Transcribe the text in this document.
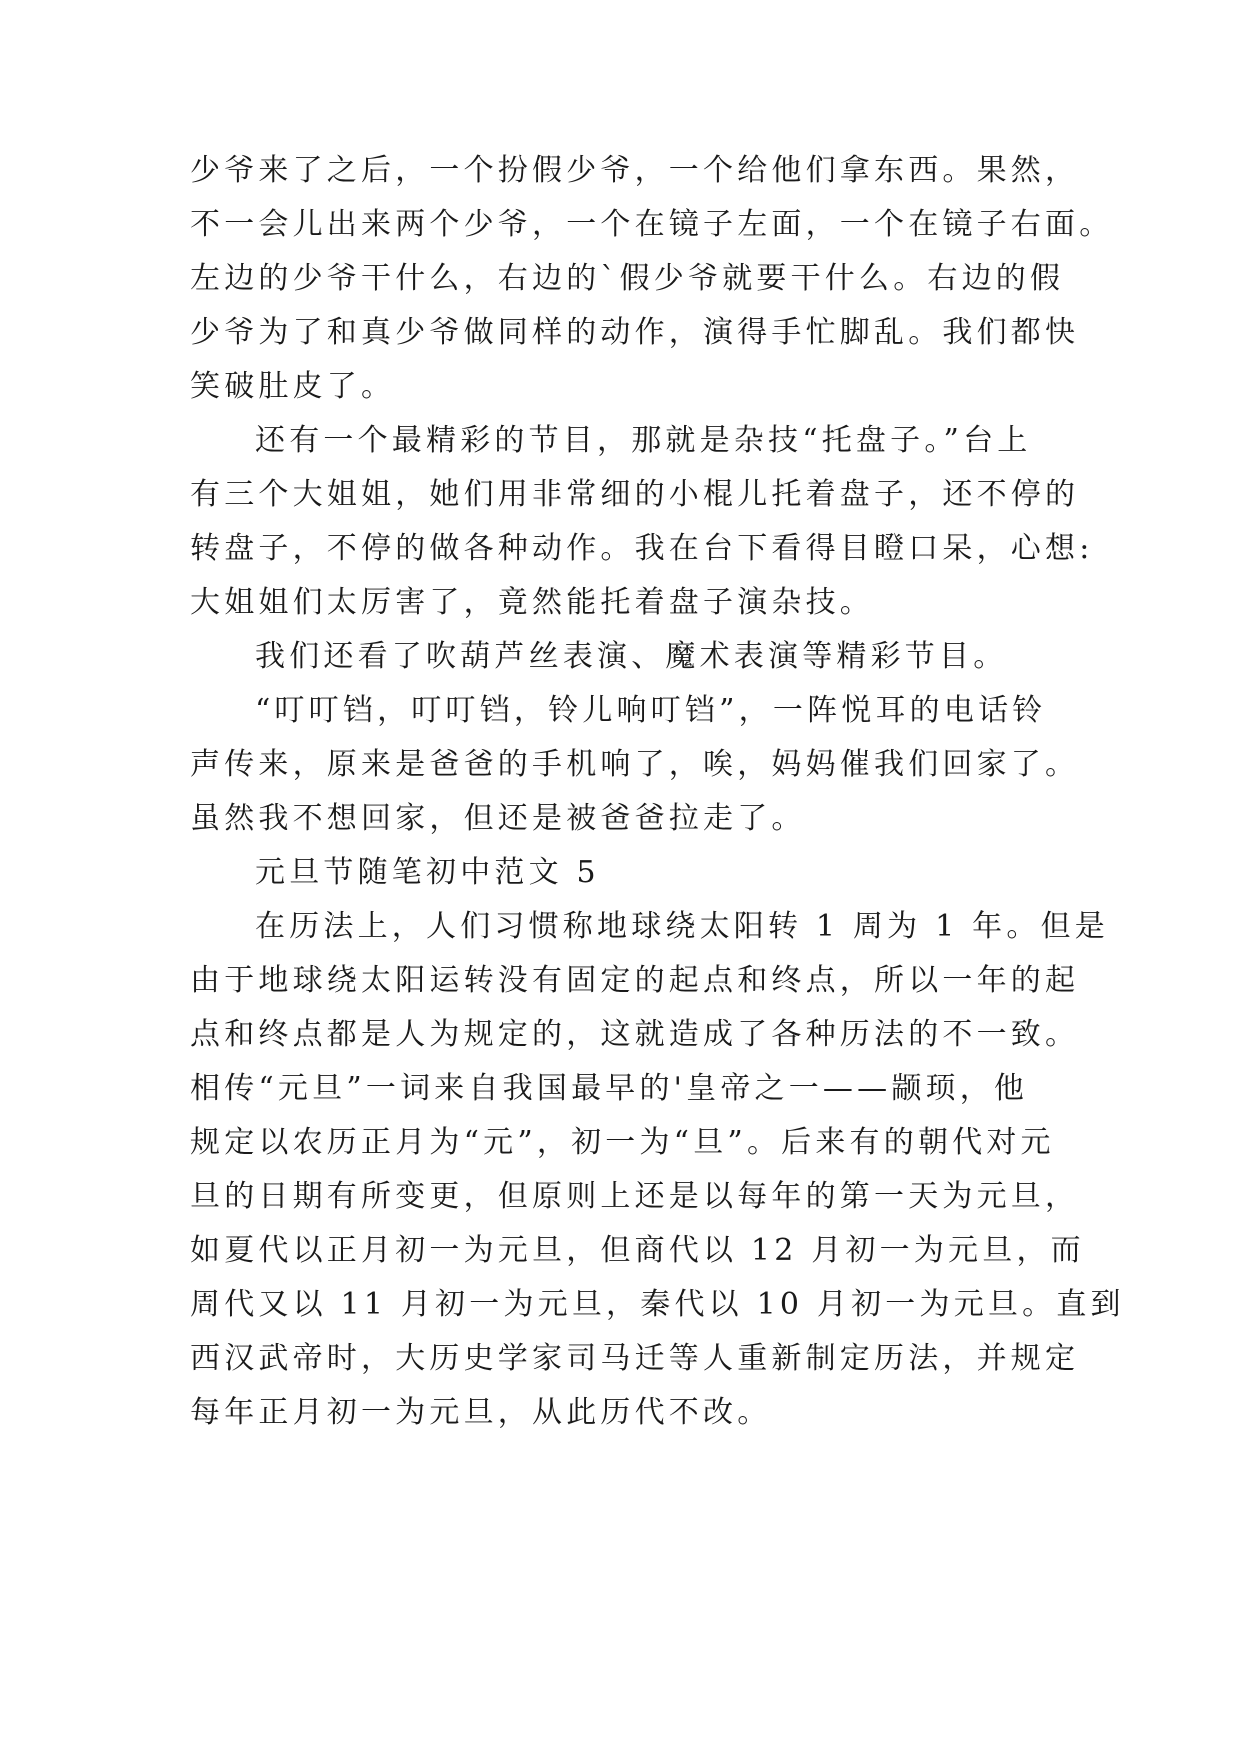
少爷来了之后，一个扮假少爷，一个给他们拿东西。果然，
不一会儿出来两个少爷，一个在镜子左面，一个在镜子右面。
左边的少爷干什么，右边的`假少爷就要干什么。右边的假
少爷为了和真少爷做同样的动作，演得手忙脚乱。我们都快
笑破肚皮了。
还有一个最精彩的节目，那就是杂技“托盘子。”台上
有三个大姐姐，她们用非常细的小棍儿托着盘子，还不停的
转盘子，不停的做各种动作。我在台下看得目瞪口呆，心想:
大姐姐们太厉害了，竟然能托着盘子演杂技。
我们还看了吹葫芦丝表演、魔术表演等精彩节目。
“叮叮铛，叮叮铛，铃儿响叮铛”，一阵悦耳的电话铃
声传来，原来是爸爸的手机响了，唉，妈妈催我们回家了。
虽然我不想回家，但还是被爸爸拉走了。
元旦节随笔初中范文 5
在历法上，人们习惯称地球绕太阳转 1 周为 1 年。但是
由于地球绕太阳运转没有固定的起点和终点，所以一年的起
点和终点都是人为规定的，这就造成了各种历法的不一致。
相传“元旦”一词来自我国最早的'皇帝之一——颛顼，他
规定以农历正月为“元”，初一为“旦”。后来有的朝代对元
旦的日期有所变更，但原则上还是以每年的第一天为元旦，
如夏代以正月初一为元旦，但商代以 12 月初一为元旦，而
周代又以 11 月初一为元旦，秦代以 10 月初一为元旦。直到
西汉武帝时，大历史学家司马迁等人重新制定历法，并规定
每年正月初一为元旦，从此历代不改。
